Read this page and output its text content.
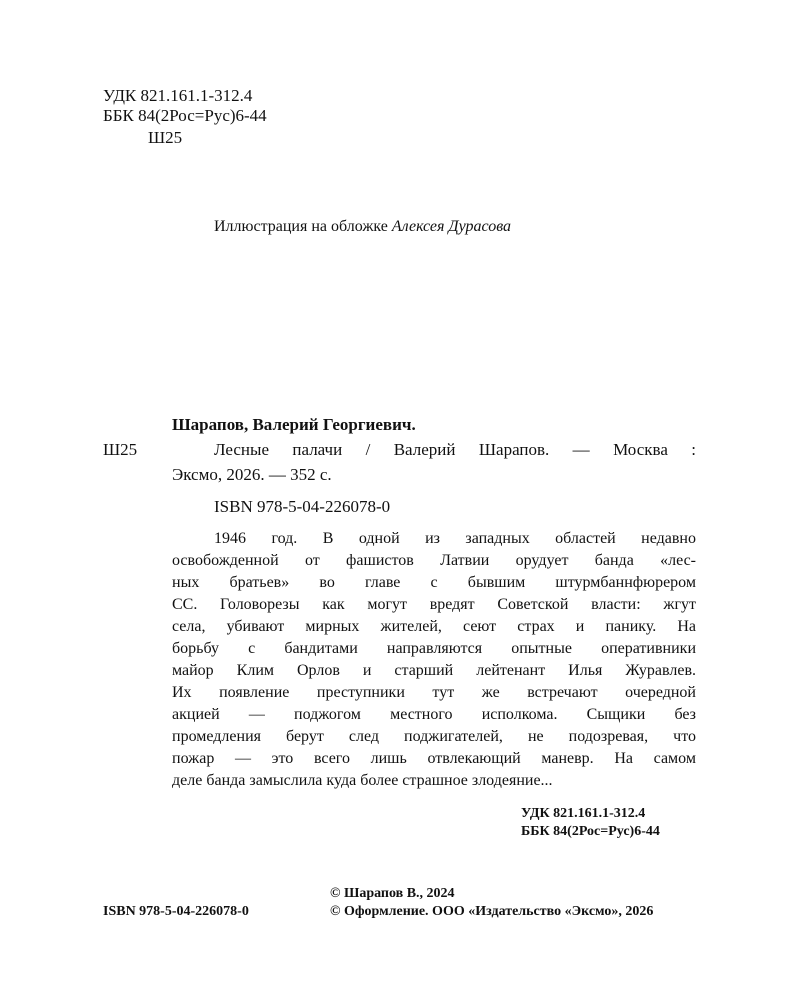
УДК 821.161.1-312.4
ББК 84(2Рос=Рус)6-44
Ш25
Иллюстрация на обложке Алексея Дурасова
Шарапов, Валерий Георгиевич.
Ш25	Лесные палачи / Валерий Шарапов. — Москва :
Эксмо, 2026. — 352 с.
ISBN 978-5-04-226078-0
1946 год. В одной из западных областей недавно
освобожденной от фашистов Латвии орудует банда «лес-
ных братьев» во главе с бывшим штурмбаннфюрером
СС. Головорезы как могут вредят Советской власти: жгут
села, убивают мирных жителей, сеют страх и панику. На
борьбу с бандитами направляются опытные оперативники
майор Клим Орлов и старший лейтенант Илья Журавлев.
Их появление преступники тут же встречают очередной
акцией — поджогом местного исполкома. Сыщики без
промедления берут след поджигателей, не подозревая, что
пожар — это всего лишь отвлекающий маневр. На самом
деле банда замыслила куда более страшное злодеяние...
УДК 821.161.1-312.4
ББК 84(2Рос=Рус)6-44
© Шарапов В., 2024
ISBN 978-5-04-226078-0	© Оформление. ООО «Издательство «Эксмо», 2026
